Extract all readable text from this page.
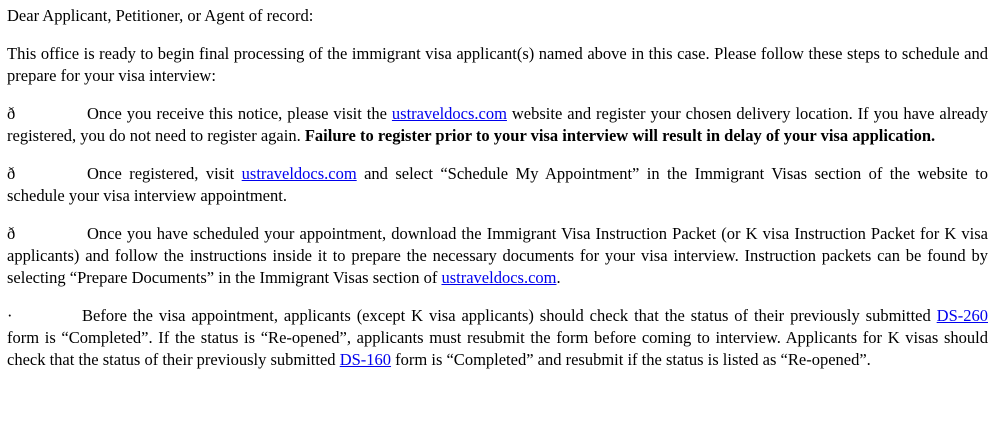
Dear Applicant, Petitioner, or Agent of record:

This office is ready to begin final processing of the immigrant visa applicant(s) named above in this case. Please follow these steps to schedule and prepare for your visa interview:

ð	Once you receive this notice, please visit the ustraveldocs.com website and register your chosen delivery location. If you have already registered, you do not need to register again. Failure to register prior to your visa interview will result in delay of your visa application.

ð	Once registered, visit ustraveldocs.com and select “Schedule My Appointment” in the Immigrant Visas section of the website to schedule your visa interview appointment.

ð	Once you have scheduled your appointment, download the Immigrant Visa Instruction Packet (or K visa Instruction Packet for K visa applicants) and follow the instructions inside it to prepare the necessary documents for your visa interview. Instruction packets can be found by selecting “Prepare Documents” in the Immigrant Visas section of ustraveldocs.com.

·	Before the visa appointment, applicants (except K visa applicants) should check that the status of their previously submitted DS-260 form is “Completed”. If the status is “Re-opened”, applicants must resubmit the form before coming to interview. Applicants for K visas should check that the status of their previously submitted DS-160 form is “Completed” and resubmit if the status is listed as “Re-opened”.
